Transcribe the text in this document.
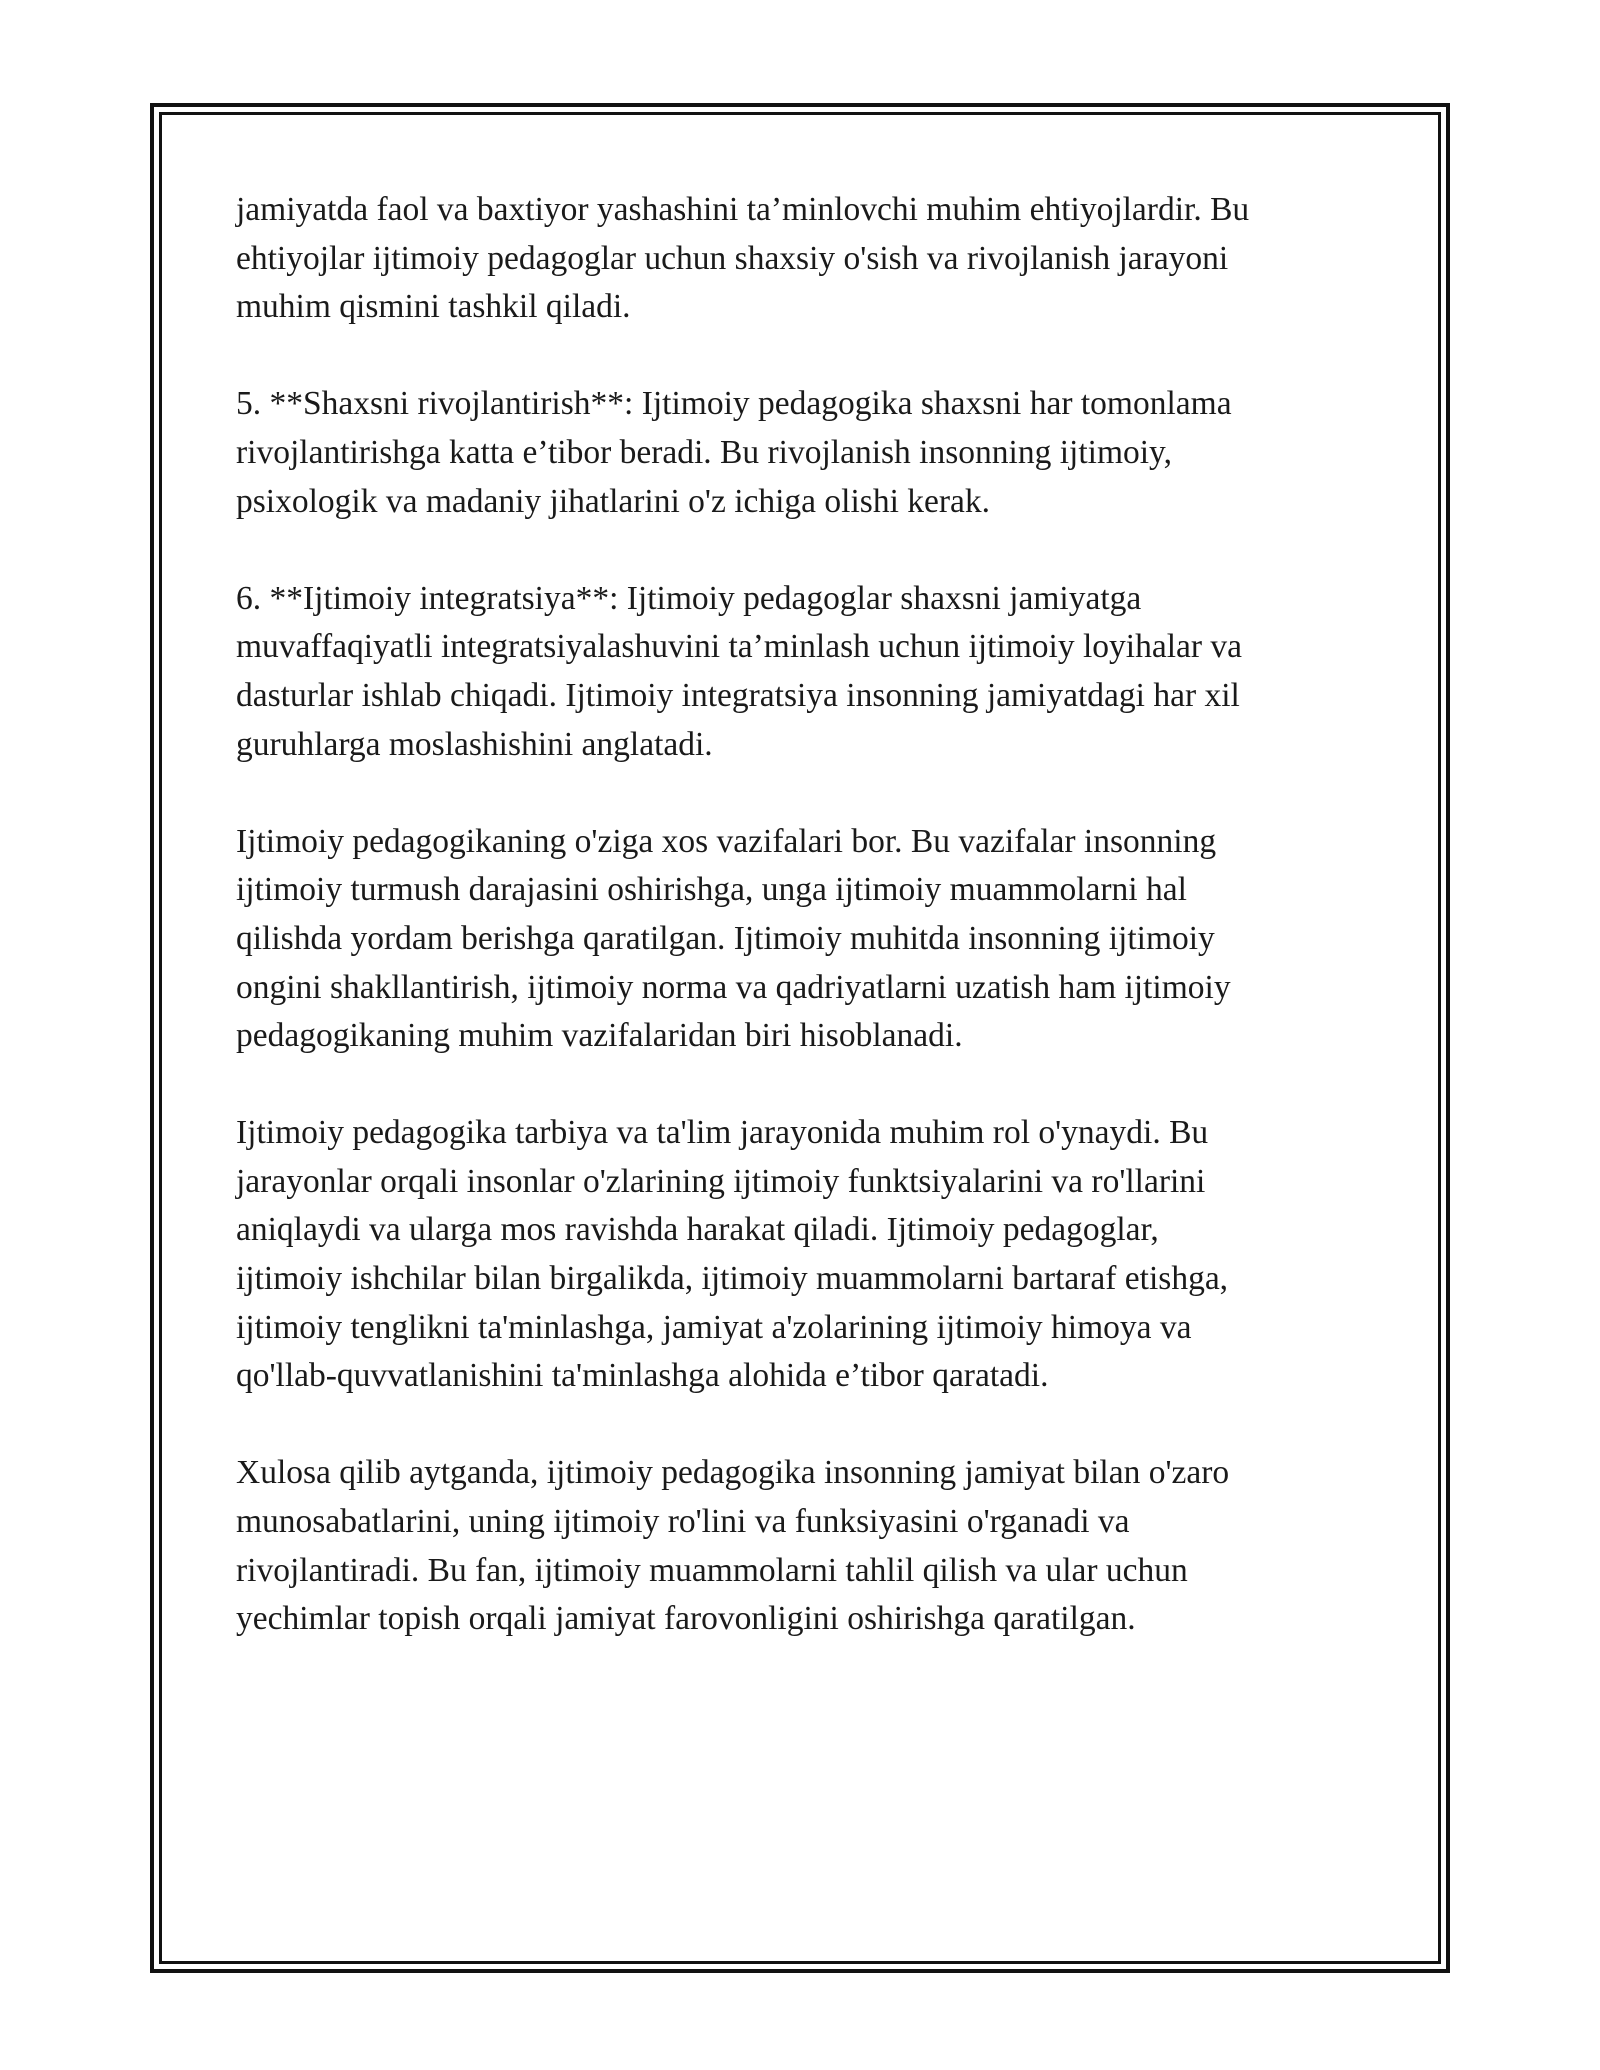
jamiyatda faol va baxtiyor yashashini ta’minlovchi muhim ehtiyojlardir. Bu
ehtiyojlar ijtimoiy pedagoglar uchun shaxsiy o'sish va rivojlanish jarayoni
muhim qismini tashkil qiladi.

5. **Shaxsni rivojlantirish**: Ijtimoiy pedagogika shaxsni har tomonlama
rivojlantirishga katta e’tibor beradi. Bu rivojlanish insonning ijtimoiy,
psixologik va madaniy jihatlarini o'z ichiga olishi kerak.

6. **Ijtimoiy integratsiya**: Ijtimoiy pedagoglar shaxsni jamiyatga
muvaffaqiyatli integratsiyalashuvini ta’minlash uchun ijtimoiy loyihalar va
dasturlar ishlab chiqadi. Ijtimoiy integratsiya insonning jamiyatdagi har xil
guruhlarga moslashishini anglatadi.

Ijtimoiy pedagogikaning o'ziga xos vazifalari bor. Bu vazifalar insonning
ijtimoiy turmush darajasini oshirishga, unga ijtimoiy muammolarni hal
qilishda yordam berishga qaratilgan. Ijtimoiy muhitda insonning ijtimoiy
ongini shakllantirish, ijtimoiy norma va qadriyatlarni uzatish ham ijtimoiy
pedagogikaning muhim vazifalaridan biri hisoblanadi.

Ijtimoiy pedagogika tarbiya va ta'lim jarayonida muhim rol o'ynaydi. Bu
jarayonlar orqali insonlar o'zlarining ijtimoiy funktsiyalarini va ro'llarini
aniqlaydi va ularga mos ravishda harakat qiladi. Ijtimoiy pedagoglar,
ijtimoiy ishchilar bilan birgalikda, ijtimoiy muammolarni bartaraf etishga,
ijtimoiy tenglikni ta'minlashga, jamiyat a'zolarining ijtimoiy himoya va
qo'llab-quvvatlanishini ta'minlashga alohida e’tibor qaratadi.

Xulosa qilib aytganda, ijtimoiy pedagogika insonning jamiyat bilan o'zaro
munosabatlarini, uning ijtimoiy ro'lini va funksiyasini o'rganadi va
rivojlantiradi. Bu fan, ijtimoiy muammolarni tahlil qilish va ular uchun
yechimlar topish orqali jamiyat farovonligini oshirishga qaratilgan.
